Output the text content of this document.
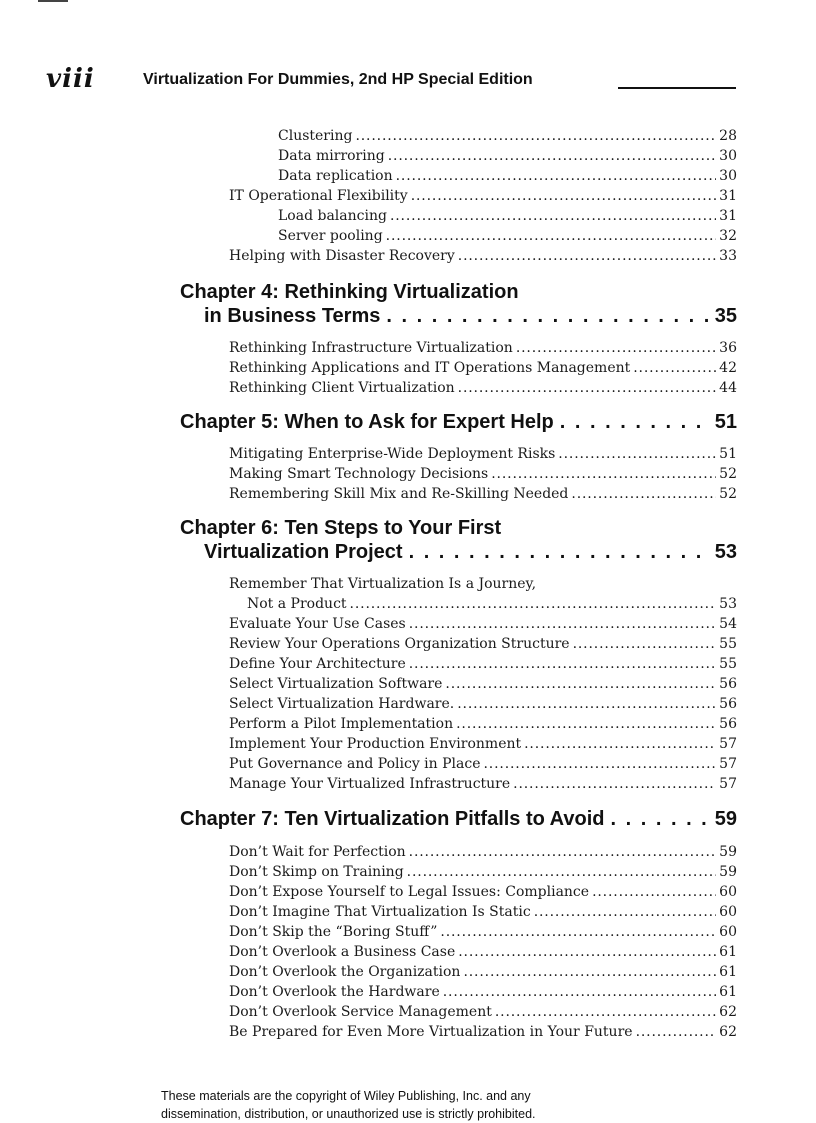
viii	Virtualization For Dummies, 2nd HP Special Edition
Clustering . . .	28
Data mirroring . . .	30
Data replication . . .	30
IT Operational Flexibility . . .	31
Load balancing . . .	31
Server pooling . . .	32
Helping with Disaster Recovery . . .	33
Chapter 4: Rethinking Virtualization
in Business Terms . . .	35
Rethinking Infrastructure Virtualization . . .	36
Rethinking Applications and IT Operations Management . . .	42
Rethinking Client Virtualization . . .	44
Chapter 5: When to Ask for Expert Help . . .	51
Mitigating Enterprise-Wide Deployment Risks . . .	51
Making Smart Technology Decisions . . .	52
Remembering Skill Mix and Re-Skilling Needed . . .	52
Chapter 6: Ten Steps to Your First
Virtualization Project . . .	53
Remember That Virtualization Is a Journey,
Not a Product . . .	53
Evaluate Your Use Cases . . .	54
Review Your Operations Organization Structure . . .	55
Define Your Architecture . . .	55
Select Virtualization Software . . .	56
Select Virtualization Hardware. . . .	56
Perform a Pilot Implementation . . .	56
Implement Your Production Environment . . .	57
Put Governance and Policy in Place . . .	57
Manage Your Virtualized Infrastructure . . .	57
Chapter 7: Ten Virtualization Pitfalls to Avoid . . .	59
Don’t Wait for Perfection . . .	59
Don’t Skimp on Training . . .	59
Don’t Expose Yourself to Legal Issues: Compliance . . .	60
Don’t Imagine That Virtualization Is Static . . .	60
Don’t Skip the “Boring Stuff” . . .	60
Don’t Overlook a Business Case . . .	61
Don’t Overlook the Organization . . .	61
Don’t Overlook the Hardware . . .	61
Don’t Overlook Service Management . . .	62
Be Prepared for Even More Virtualization in Your Future . . .	62
These materials are the copyright of Wiley Publishing, Inc. and any
dissemination, distribution, or unauthorized use is strictly prohibited.
